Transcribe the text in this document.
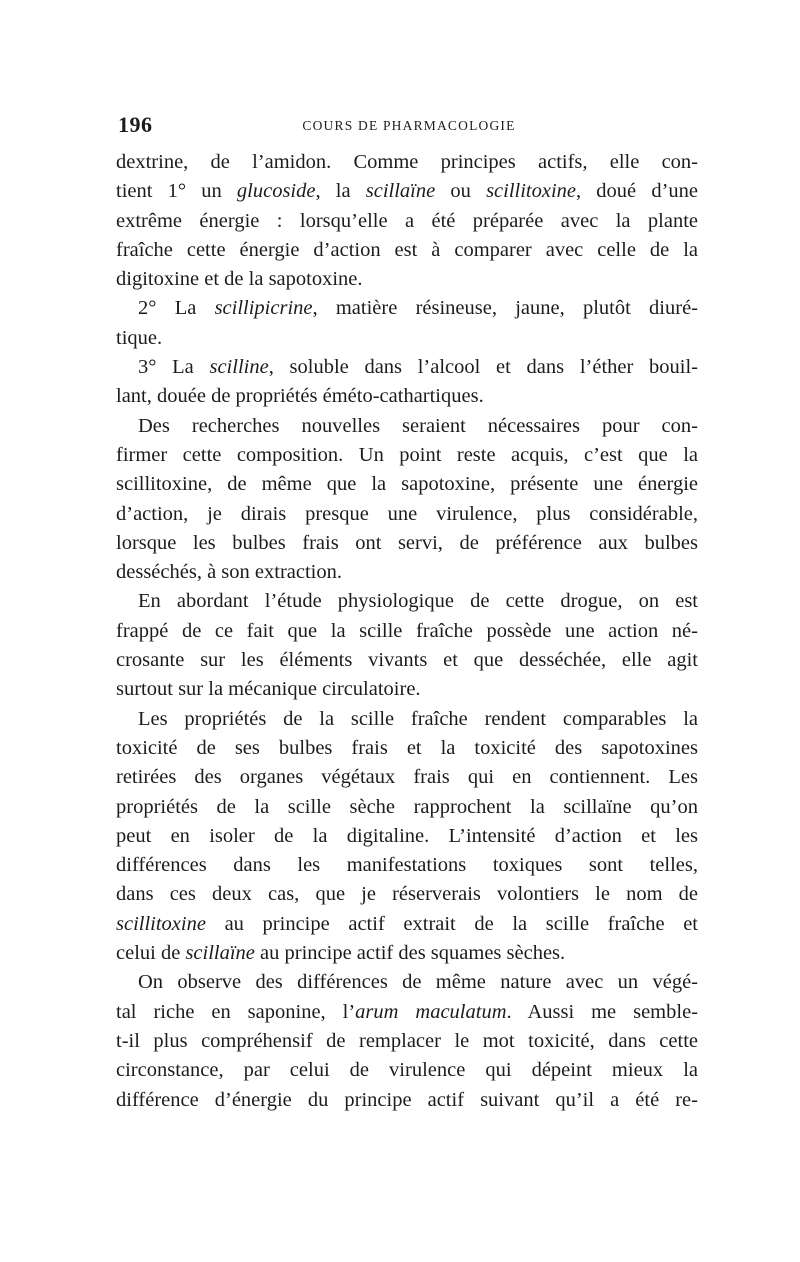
196	COURS DE PHARMACOLOGIE
dextrine, de l’amidon. Comme principes actifs, elle con-
tient 1° un glucoside, la scillaïne ou scillitoxine, doué d’une
extrême énergie : lorsqu’elle a été préparée avec la plante
fraîche cette énergie d’action est à comparer avec celle de la
digitoxine et de la sapotoxine.
2° La scillipicrine, matière résineuse, jaune, plutôt diuré-
tique.
3° La scilline, soluble dans l’alcool et dans l’éther bouil-
lant, douée de propriétés éméto-cathartiques.
Des recherches nouvelles seraient nécessaires pour con-
firmer cette composition. Un point reste acquis, c’est que la
scillitoxine, de même que la sapotoxine, présente une énergie
d’action, je dirais presque une virulence, plus considérable,
lorsque les bulbes frais ont servi, de préférence aux bulbes
desséchés, à son extraction.
En abordant l’étude physiologique de cette drogue, on est
frappé de ce fait que la scille fraîche possède une action né-
crosante sur les éléments vivants et que desséchée, elle agit
surtout sur la mécanique circulatoire.
Les propriétés de la scille fraîche rendent comparables la
toxicité de ses bulbes frais et la toxicité des sapotoxines
retirées des organes végétaux frais qui en contiennent. Les
propriétés de la scille sèche rapprochent la scillaïne qu’on
peut en isoler de la digitaline. L’intensité d’action et les
différences dans les manifestations toxiques sont telles,
dans ces deux cas, que je réserverais volontiers le nom de
scillitoxine au principe actif extrait de la scille fraîche et
celui de scillaïne au principe actif des squames sèches.
On observe des différences de même nature avec un végé-
tal riche en saponine, l’arum maculatum. Aussi me semble-
t-il plus compréhensif de remplacer le mot toxicité, dans cette
circonstance, par celui de virulence qui dépeint mieux la
différence d’énergie du principe actif suivant qu’il a été re-
